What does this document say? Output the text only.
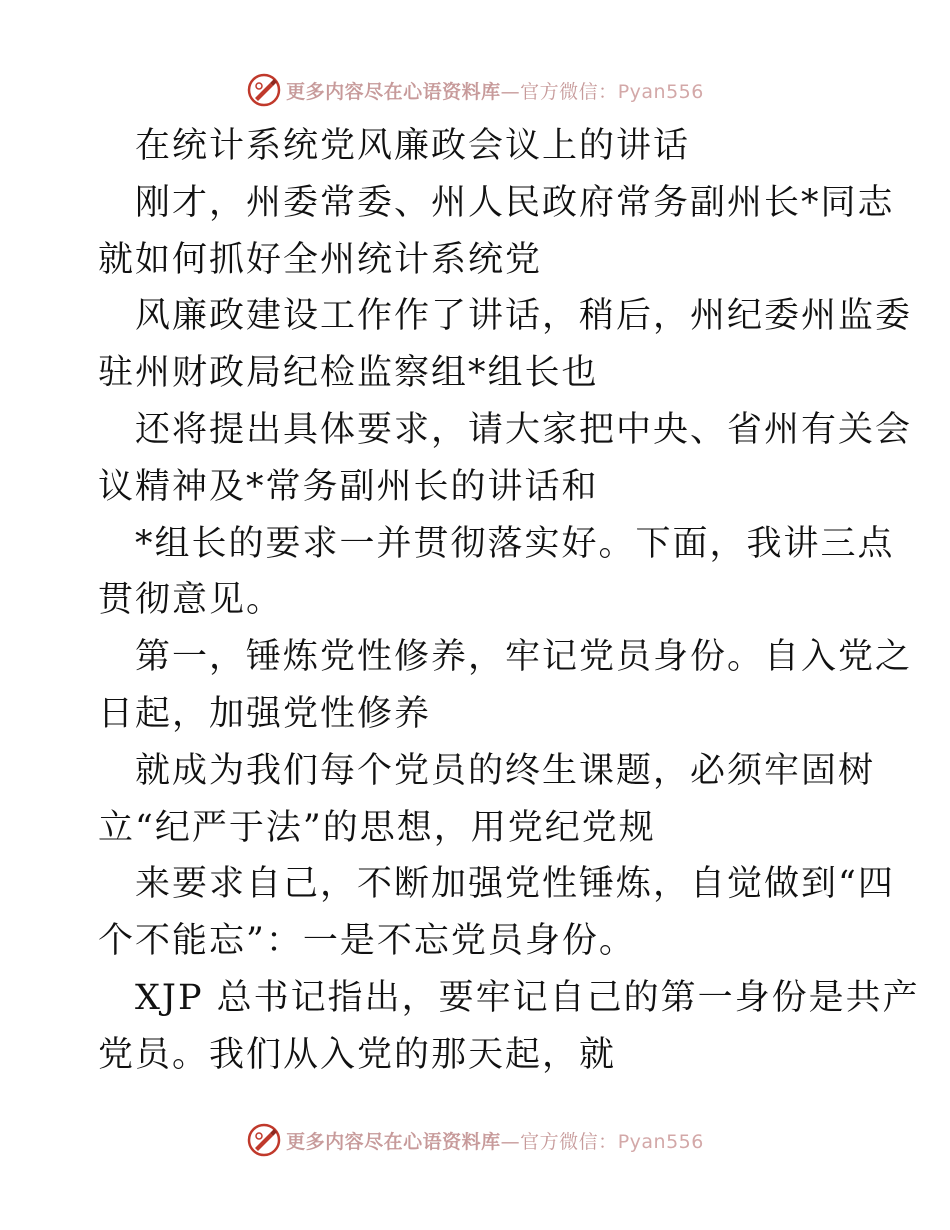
更多内容尽在心语资料库—官方微信：Pyan556
在统计系统党风廉政会议上的讲话
刚才，州委常委、州人民政府常务副州长*同志
就如何抓好全州统计系统党
风廉政建设工作作了讲话，稍后，州纪委州监委
驻州财政局纪检监察组*组长也
还将提出具体要求，请大家把中央、省州有关会
议精神及*常务副州长的讲话和
*组长的要求一并贯彻落实好。下面，我讲三点
贯彻意见。
第一，锤炼党性修养，牢记党员身份。自入党之
日起，加强党性修养
就成为我们每个党员的终生课题，必须牢固树
立“纪严于法”的思想，用党纪党规
来要求自己，不断加强党性锤炼，自觉做到“四
个不能忘”：一是不忘党员身份。
XJP 总书记指出，要牢记自己的第一身份是共产
党员。我们从入党的那天起，就
更多内容尽在心语资料库—官方微信：Pyan556
